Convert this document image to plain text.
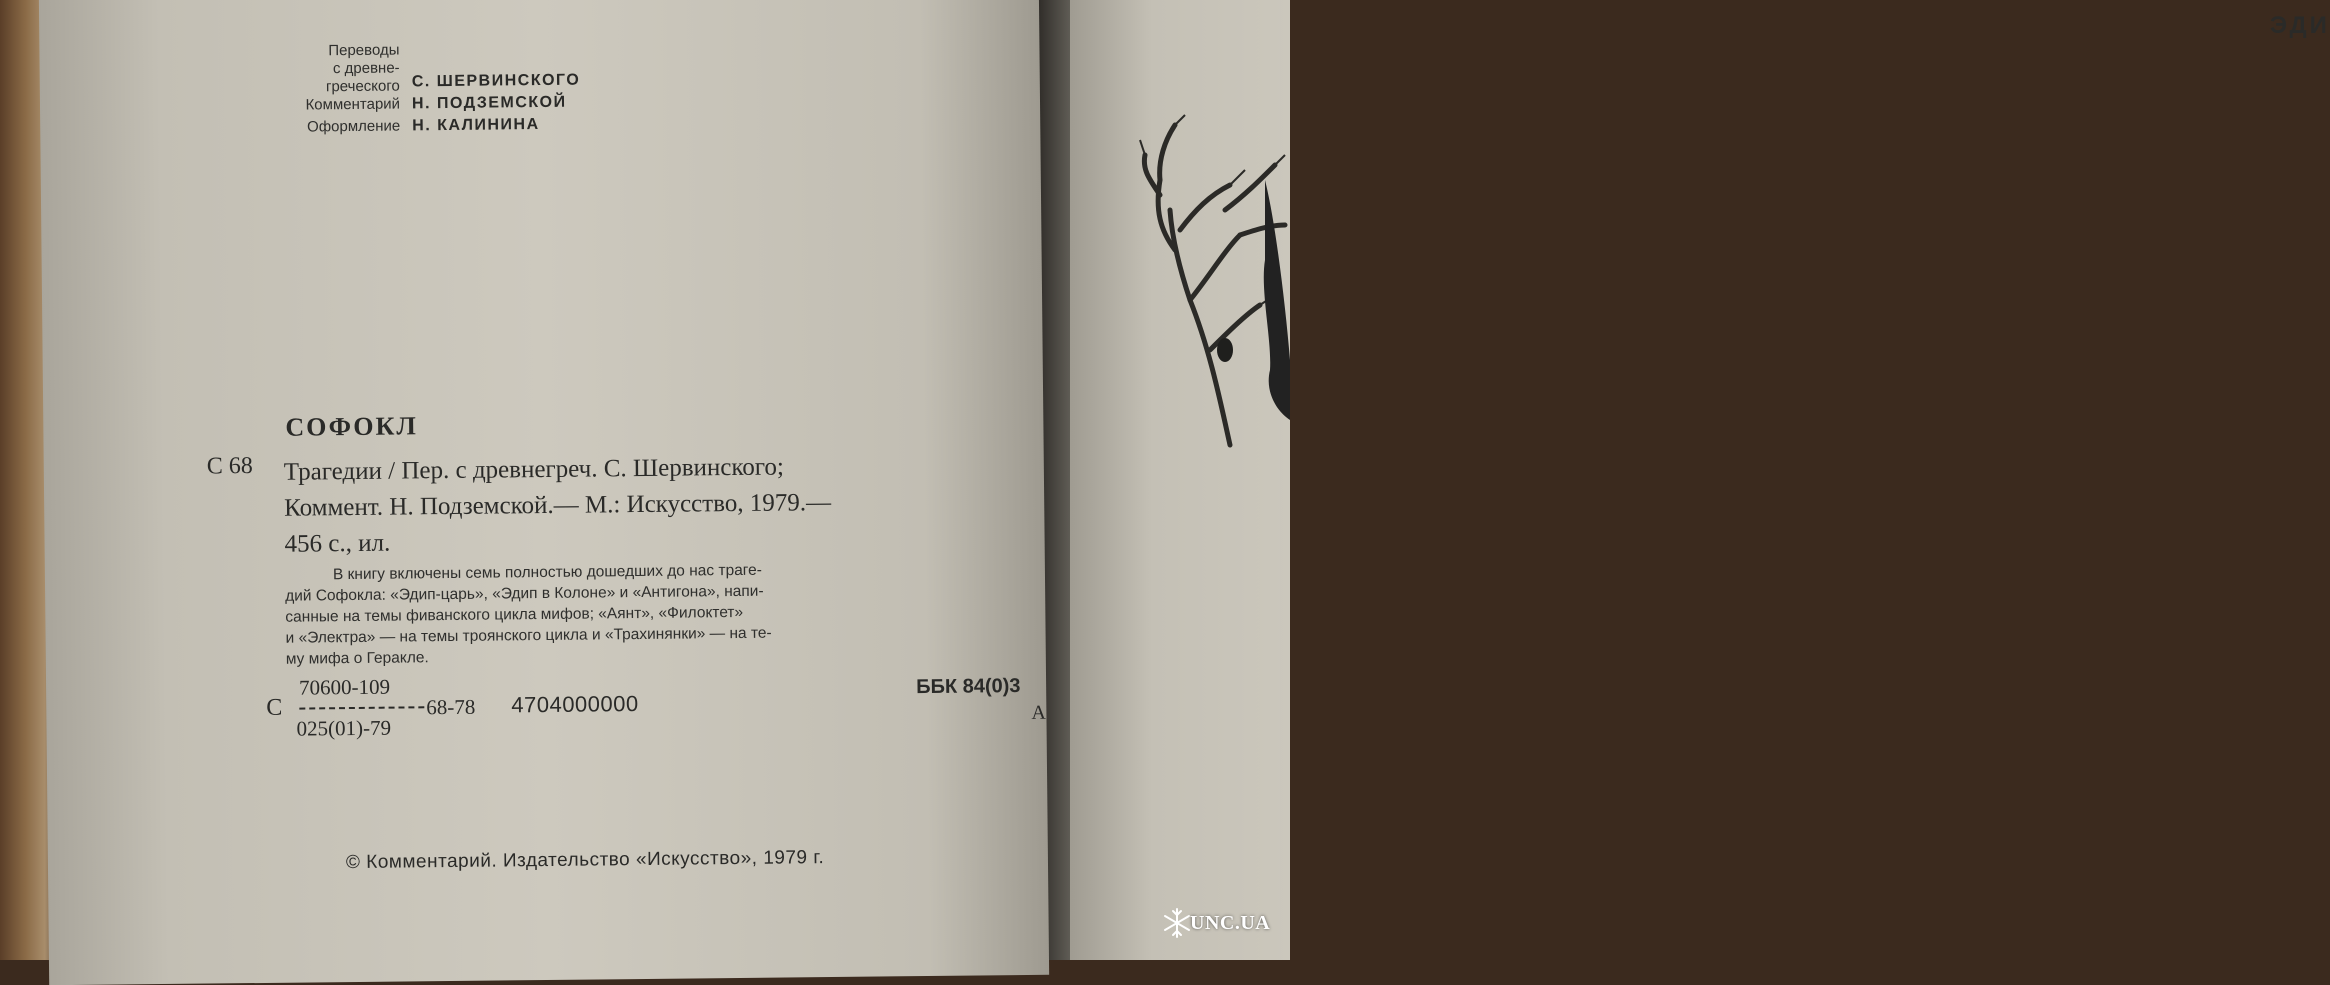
ЭДИ
Переводы
с древне-
греческого С. ШЕРВИНСКОГО
Комментарий Н. ПОДЗЕМСКОЙ
Оформление Н. КАЛИНИНА
СОФОКЛ
С 68 Трагедии / Пер. с древнегреч. С. Шервинского;
Коммент. Н. Подземской.— М.: Искусство, 1979.—
456 с., ил.
В книгу включены семь полностью дошедших до нас траге-
дий Софокла: «Эдип-царь», «Эдип в Колоне» и «Антигона», напи-
санные на темы фиванского цикла мифов; «Аянт», «Филоктет»
и «Электра» — на темы троянского цикла и «Трахинянки» — на те-
му мифа о Геракле.
С
70600-109
025(01)-79
68-78 4704000000
ББК 84(0)3
А
© Комментарий. Издательство «Искусство», 1979 г.
UNC.UA
